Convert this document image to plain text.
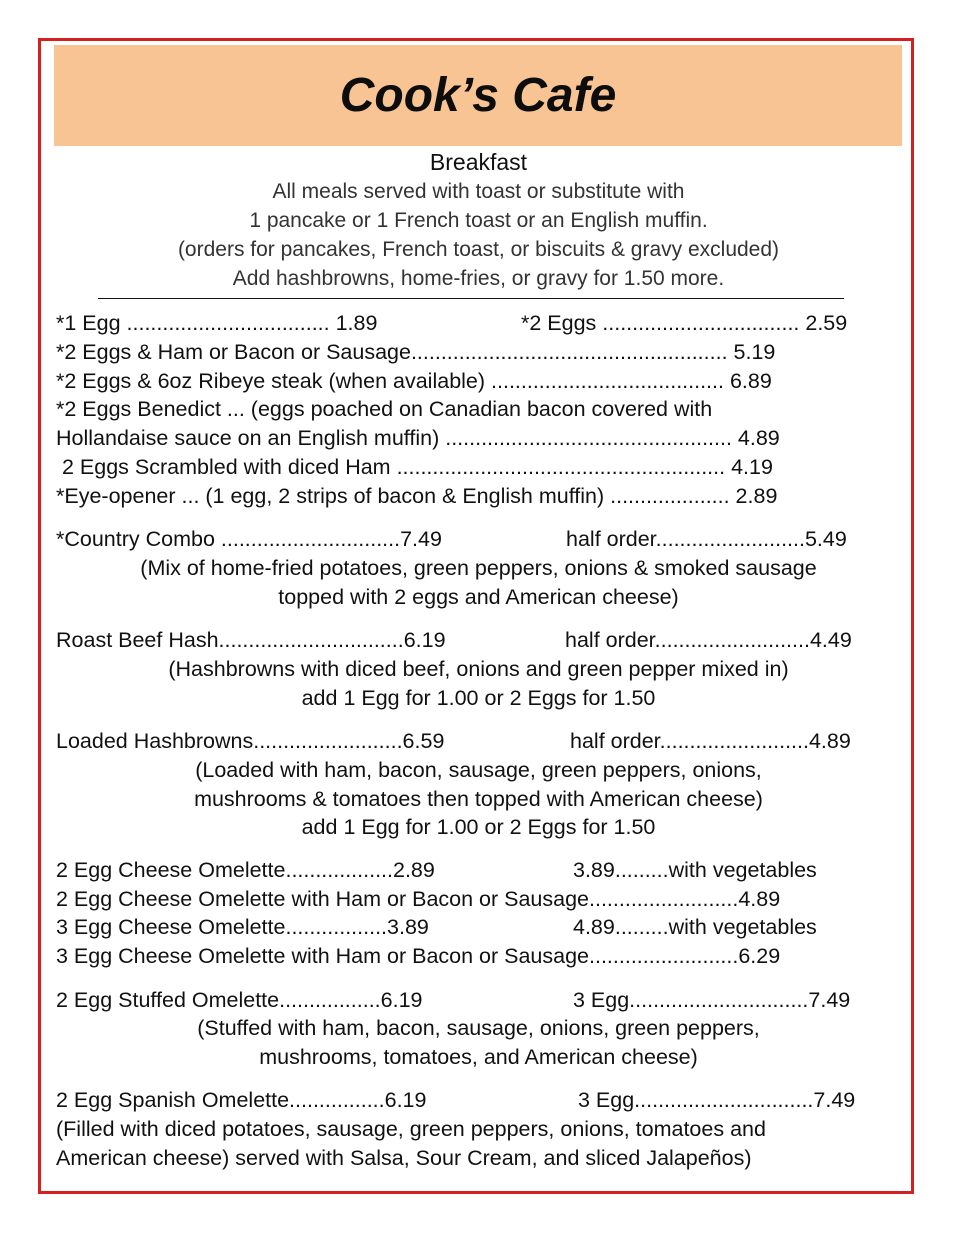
Cook’s Cafe
Breakfast
All meals served with toast or substitute with
1 pancake or 1 French toast or an English muffin.
(orders for pancakes, French toast, or biscuits & gravy excluded)
Add hashbrowns, home-fries, or gravy for 1.50 more.
*1 Egg .................................. 1.89	*2 Eggs ................................. 2.59
*2 Eggs & Ham or Bacon or Sausage..................................................... 5.19
*2 Eggs & 6oz Ribeye steak (when available) ....................................... 6.89
*2 Eggs Benedict ... (eggs poached on Canadian bacon covered with
Hollandaise sauce on an English muffin) ................................................ 4.89
2 Eggs Scrambled with diced Ham ....................................................... 4.19
*Eye-opener ... (1 egg, 2 strips of bacon & English muffin) .................... 2.89
*Country Combo ..............................7.49	half order.........................5.49
(Mix of home-fried potatoes, green peppers, onions & smoked sausage
topped with 2 eggs and American cheese)
Roast Beef Hash...............................6.19	half order..........................4.49
(Hashbrowns with diced beef, onions and green pepper mixed in)
add 1 Egg for 1.00 or 2 Eggs for 1.50
Loaded Hashbrowns.........................6.59	half order.........................4.89
(Loaded with ham, bacon, sausage, green peppers, onions,
mushrooms & tomatoes then topped with American cheese)
add 1 Egg for 1.00 or 2 Eggs for 1.50
2 Egg Cheese Omelette..................2.89	3.89.........with vegetables
2 Egg Cheese Omelette with Ham or Bacon or Sausage.........................4.89
3 Egg Cheese Omelette.................3.89	4.89.........with vegetables
3 Egg Cheese Omelette with Ham or Bacon or Sausage.........................6.29
2 Egg Stuffed Omelette.................6.19	3 Egg..............................7.49
(Stuffed with ham, bacon, sausage, onions, green peppers,
mushrooms, tomatoes, and American cheese)
2 Egg Spanish Omelette................6.19	3 Egg..............................7.49
(Filled with diced potatoes, sausage, green peppers, onions, tomatoes and
American cheese) served with Salsa, Sour Cream, and sliced Jalapeños)
